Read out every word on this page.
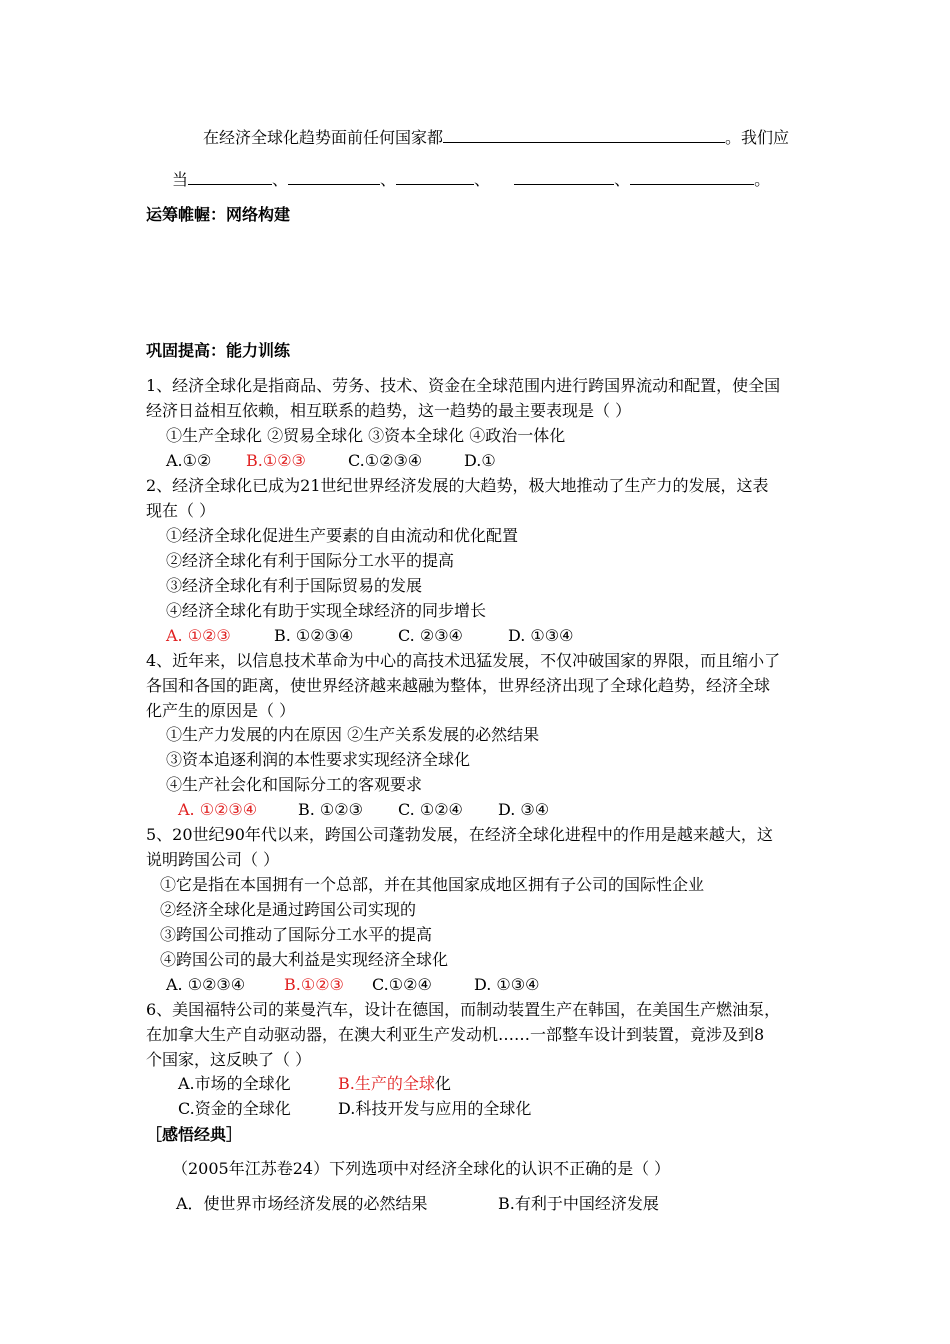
在经济全球化趋势面前任何国家都	。我们应
当	、	、	、	、	。
运筹帷幄：网络构建
巩固提高：能力训练
1、经济全球化是指商品、劳务、技术、资金在全球范围内进行跨国界流动和配置，使全国
经济日益相互依赖，相互联系的趋势，这一趋势的最主要表现是（ ）
①生产全球化 ②贸易全球化 ③资本全球化 ④政治一体化
A.①② B.①②③	C.①②③④	D.①
2、经济全球化已成为21世纪世界经济发展的大趋势，极大地推动了生产力的发展，这表
现在（ ）
①经济全球化促进生产要素的自由流动和优化配置
②经济全球化有利于国际分工水平的提高
③经济全球化有利于国际贸易的发展
④经济全球化有助于实现全球经济的同步增长
A. ①②③	B. ①②③④	C. ②③④	D. ①③④
4、近年来，以信息技术革命为中心的高技术迅猛发展，不仅冲破国家的界限，而且缩小了
各国和各国的距离，使世界经济越来越融为整体，世界经济出现了全球化趋势，经济全球
化产生的原因是（ ）
①生产力发展的内在原因 ②生产关系发展的必然结果
③资本追逐利润的本性要求实现经济全球化
④生产社会化和国际分工的客观要求
A. ①②③④	B. ①②③ C. ①②④ D. ③④
5、20世纪90年代以来，跨国公司蓬勃发展，在经济全球化进程中的作用是越来越大，这
说明跨国公司（ ）
①它是指在本国拥有一个总部，并在其他国家成地区拥有子公司的国际性企业
②经济全球化是通过跨国公司实现的
③跨国公司推动了国际分工水平的提高
④跨国公司的最大利益是实现经济全球化
A. ①②③④ B.①②③ C.①②④	D. ①③④
6、美国福特公司的莱曼汽车，设计在德国，而制动装置生产在韩国，在美国生产燃油泵，
在加拿大生产自动驱动器，在澳大利亚生产发动机……一部整车设计到装置，竟涉及到8
个国家，这反映了（ ）
A.市场的全球化	B.生产的全球化
C.资金的全球化	D.科技开发与应用的全球化
［感悟经典］
（2005年江苏卷24）下列选项中对经济全球化的认识不正确的是（ ）
A．使世界市场经济发展的必然结果	B.有利于中国经济发展
